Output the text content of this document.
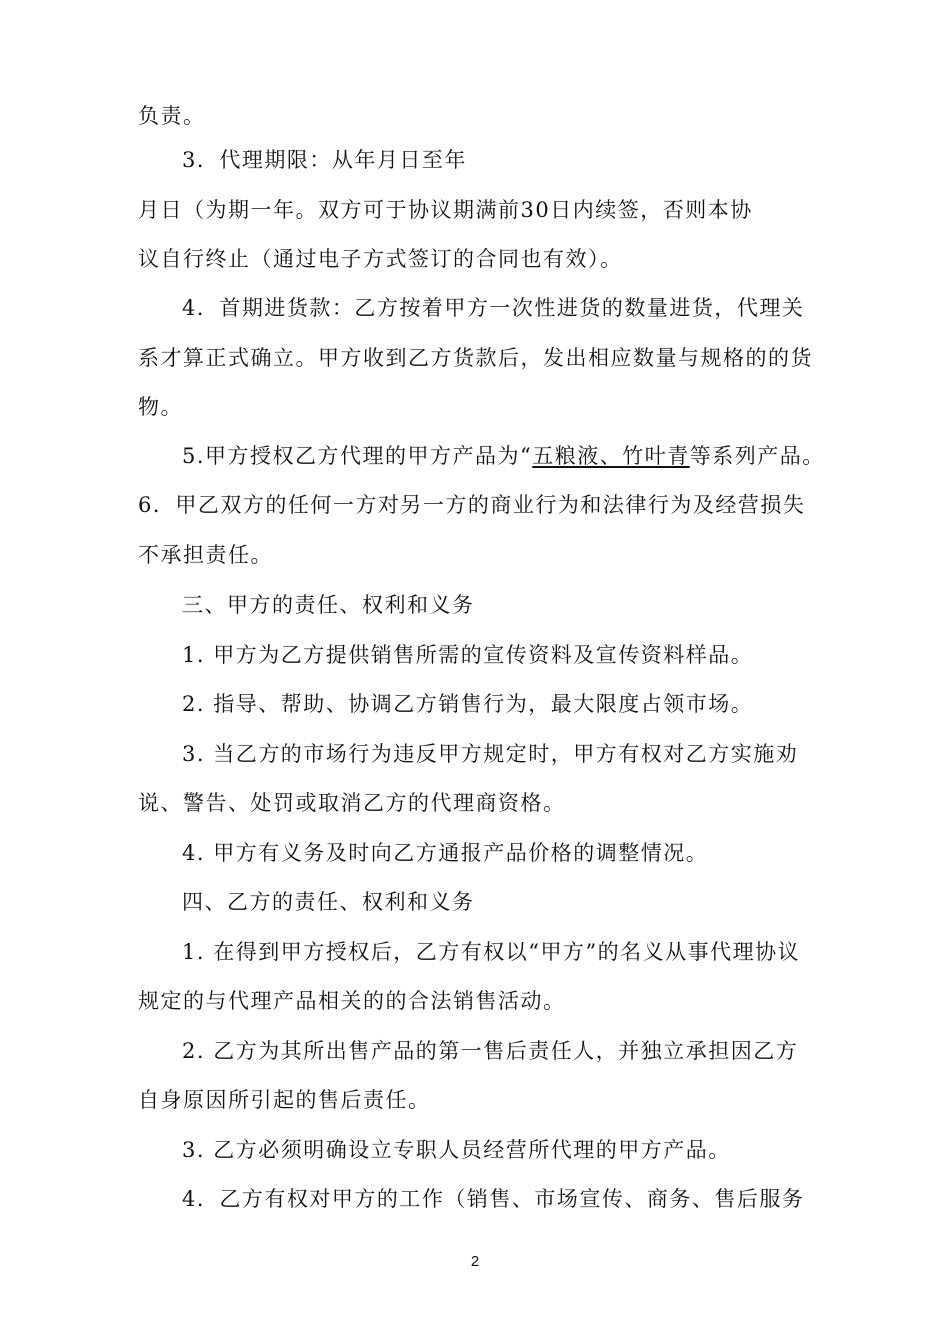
负责。
3．代理期限：从年月日至年
月日（为期一年。双方可于协议期满前30日内续签，否则本协
议自行终止（通过电子方式签订的合同也有效）。
4．首期进货款：乙方按着甲方一次性进货的数量进货，代理关
系才算正式确立。甲方收到乙方货款后，发出相应数量与规格的的货
物。
5.甲方授权乙方代理的甲方产品为“五粮液、竹叶青等系列产品。
6．甲乙双方的任何一方对另一方的商业行为和法律行为及经营损失
不承担责任。
三、甲方的责任、权利和义务
1. 甲方为乙方提供销售所需的宣传资料及宣传资料样品。
2. 指导、帮助、协调乙方销售行为，最大限度占领市场。
3. 当乙方的市场行为违反甲方规定时，甲方有权对乙方实施劝
说、警告、处罚或取消乙方的代理商资格。
4. 甲方有义务及时向乙方通报产品价格的调整情况。
四、乙方的责任、权利和义务
1. 在得到甲方授权后，乙方有权以“甲方”的名义从事代理协议
规定的与代理产品相关的的合法销售活动。
2. 乙方为其所出售产品的第一售后责任人，并独立承担因乙方
自身原因所引起的售后责任。
3. 乙方必须明确设立专职人员经营所代理的甲方产品。
4．乙方有权对甲方的工作（销售、市场宣传、商务、售后服务
2
